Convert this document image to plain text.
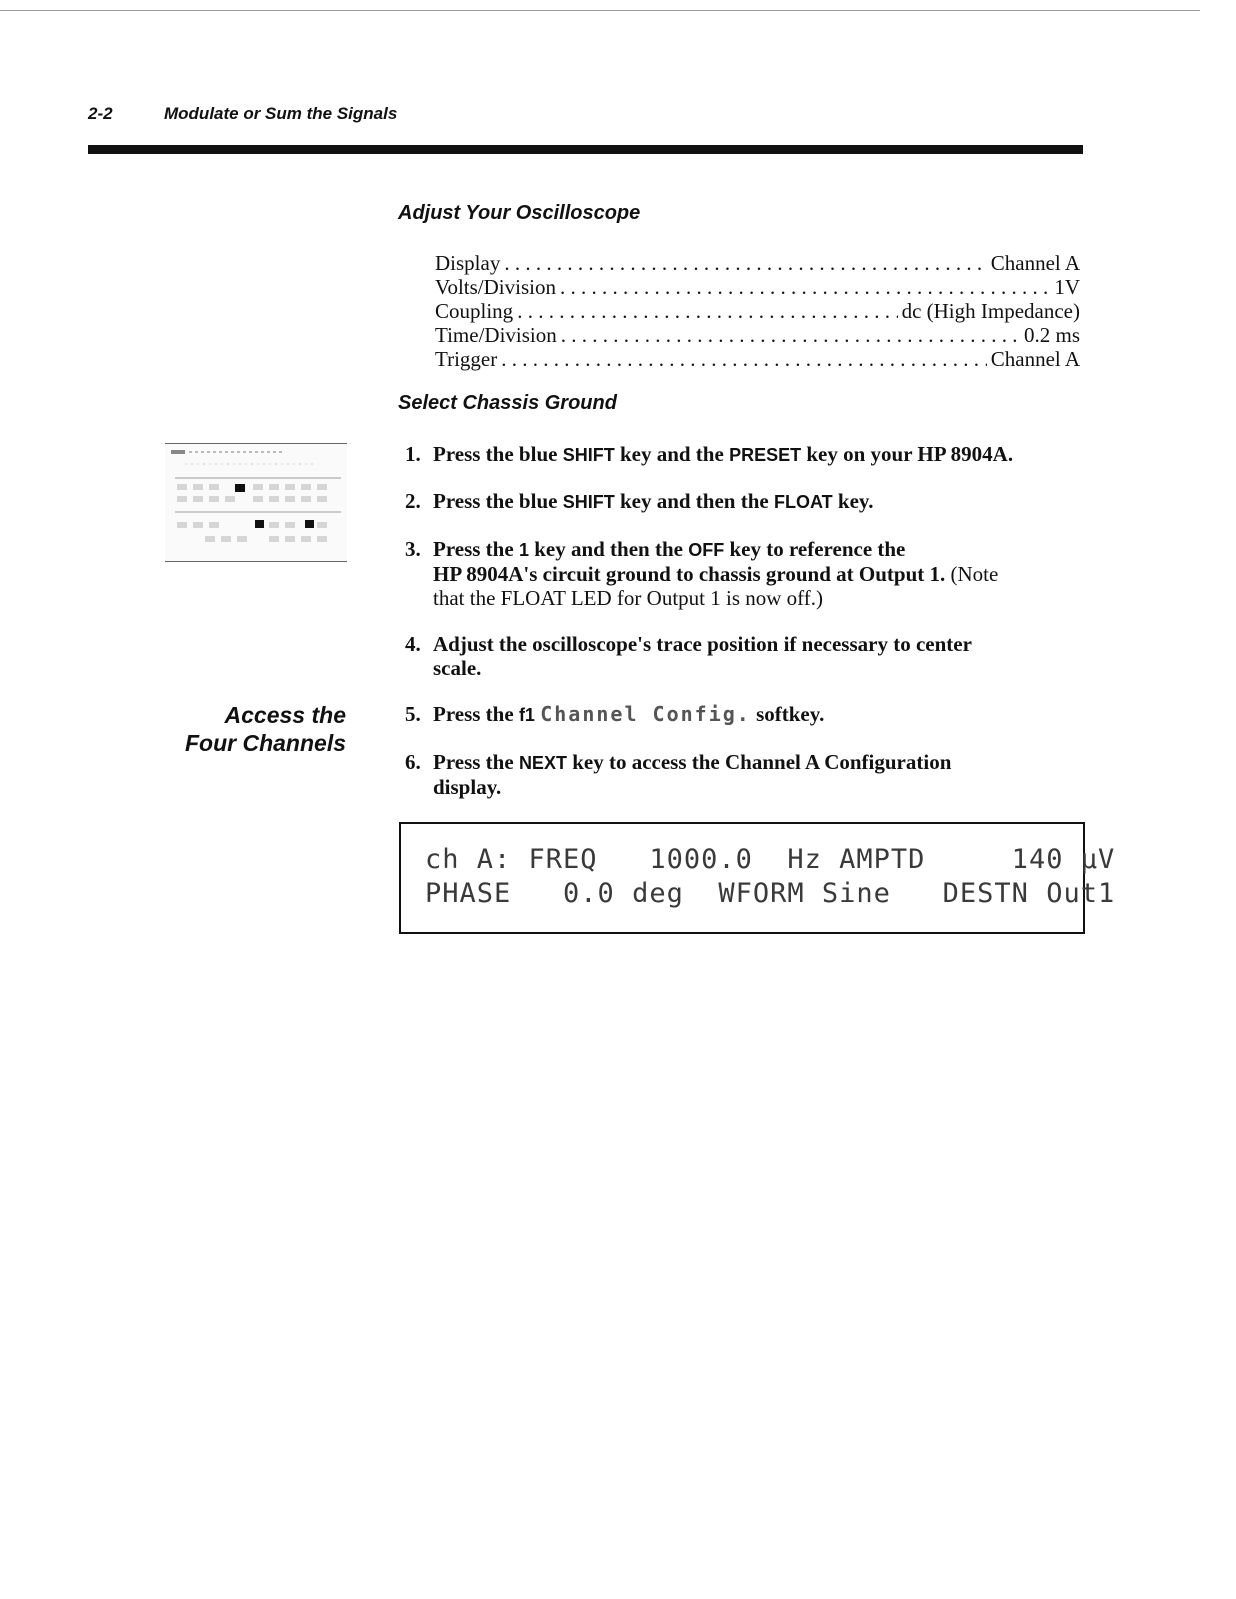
2-2	Modulate or Sum the Signals
Adjust Your Oscilloscope
Display . . .	Channel A
Volts/Division . . .	1V
Coupling . . .	dc (High Impedance)
Time/Division . . .	0.2 ms
Trigger . . .	Channel A
Select Chassis Ground
1. Press the blue SHIFT key and the PRESET key on your HP 8904A.
2. Press the blue SHIFT key and then the FLOAT key.
3. Press the 1 key and then the OFF key to reference the
HP 8904A's circuit ground to chassis ground at Output 1. (Note
that the FLOAT LED for Output 1 is now off.)
4. Adjust the oscilloscope's trace position if necessary to center
scale.
Access the
Four Channels
5. Press the f1 Channel Config. softkey.
6. Press the NEXT key to access the Channel A Configuration
display.
ch A: FREQ   1000.0  Hz AMPTD     140 µV
PHASE   0.0 deg  WFORM Sine   DESTN Out1
